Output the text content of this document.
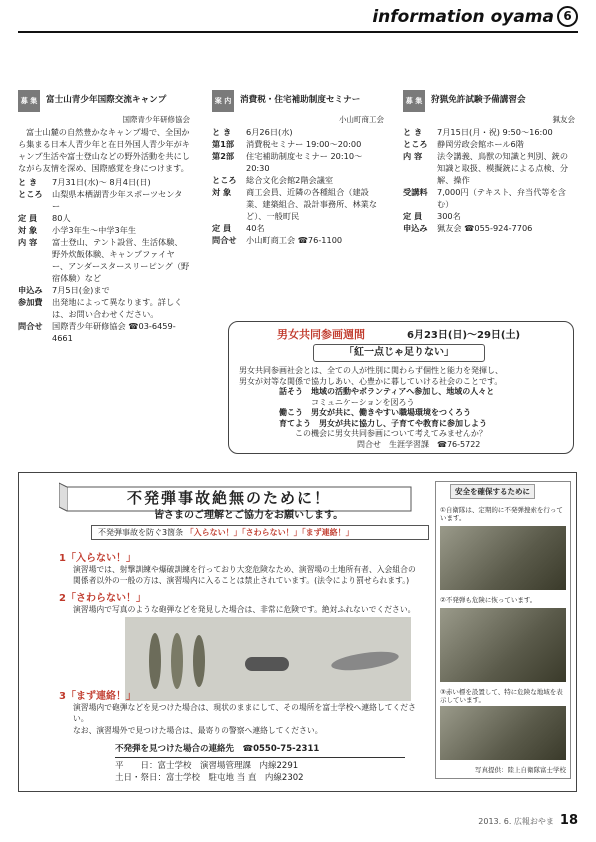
information oyama 6
募 集	富士山青少年国際交流キャンプ
国際青少年研修協会

富士山麓の自然豊かなキャンプ場で、全国から集まる日本人青少年と在日外国人青少年がキャンプ生活や富士登山などの野外活動を共にしながら友情を深め、国際感覚を身につけます。

と き	7月31日(水)～ 8月4日(日)
ところ	山梨県本栖湖青少年スポーツセンター
定 員	80人
対 象	小学3年生～中学3年生
内 容	富士登山、テント設営、生活体験、野外炊飯体験、キャンプファイヤー、アンダースタースリーピング（野宿体験）など
申込み	7月5日(金)まで
参加費	出発地によって異なります。詳しくは、お問い合わせください。
問合せ	国際青少年研修協会 ☎03-6459-4661
案 内	消費税・住宅補助制度セミナー
小山町商工会
と き	6月26日(水)
第1部	消費税セミナー 19:00～20:00
第2部	住宅補助制度セミナー 20:10～20:30
ところ	総合文化会館2階会議室
対 象	商工会員、近隣の各種組合（建設業、建築組合、設計事務所、林業など）、一般町民
定 員	40名
問合せ	小山町商工会 ☎76-1100
募 集	狩猟免許試験予備講習会
猟友会
と き	7月15日(月・祝) 9:50～16:00
ところ	静岡労政会館ホール6階
内 容	法令講義、鳥獣の知識と判別、銃の知識と取扱、模擬銃による点検、分解、操作
受講料	7,000円（テキスト、弁当代等を含む）
定 員	300名
申込み	猟友会 ☎055-924-7706
男女共同参画週間	6月23日(日)～29日(土)
「紅一点じゃ足りない」
男女共同参画社会とは、全ての人が性別に関わらず個性と能力を発揮し、
男女が対等な関係で協力しあい、心豊かに暮していける社会のことです。
話そう　地域の活動やボランティアへ参加し、地域の人々と
　　　　コミュニケーションを図ろう
働こう　男女が共に、働きやすい職場環境をつくろう
育てよう　男女が共に協力し、子育てや教育に参加しよう
この機会に男女共同参画について考えてみませんか？
問合せ　生涯学習課　☎76-5722
不発弾事故絶無のために！
皆さまのご理解とご協力をお願いします。
不発弾事故を防ぐ3箇条 「入らない！」「さわらない！」「まず連絡！」
1「入らない！」
演習場では、射撃訓練や爆破訓練を行っており大変危険なため、演習場の土地所有者、入会組合の関係者以外の一般の方は、演習場内に入ることは禁止されています。(法令により罰せられます。)
2「さわらない！」
演習場内で写真のような砲弾などを発見した場合は、非常に危険です。絶対ふれないでください。
3「まず連絡！」
演習場内で砲弾などを見つけた場合は、現状のままにして、その場所を富士学校へ連絡してください。
なお、演習場外で見つけた場合は、最寄りの警察へ連絡してください。
不発弾を見つけた場合の連絡先　☎0550-75-2311
平　　日：富士学校　演習場管理課　内線2291
土日・祭日：富士学校　駐屯地 当 直　内線2302
安全を確保するために
①自衛隊は、定期的に不発弾捜索を行っています。
②不発弾も危険に恢っています。
③赤い標を設置して、特に危険な地域を表示しています。
写真提供：陸上自衛隊富士学校
2013. 6. 広報おやま 18
